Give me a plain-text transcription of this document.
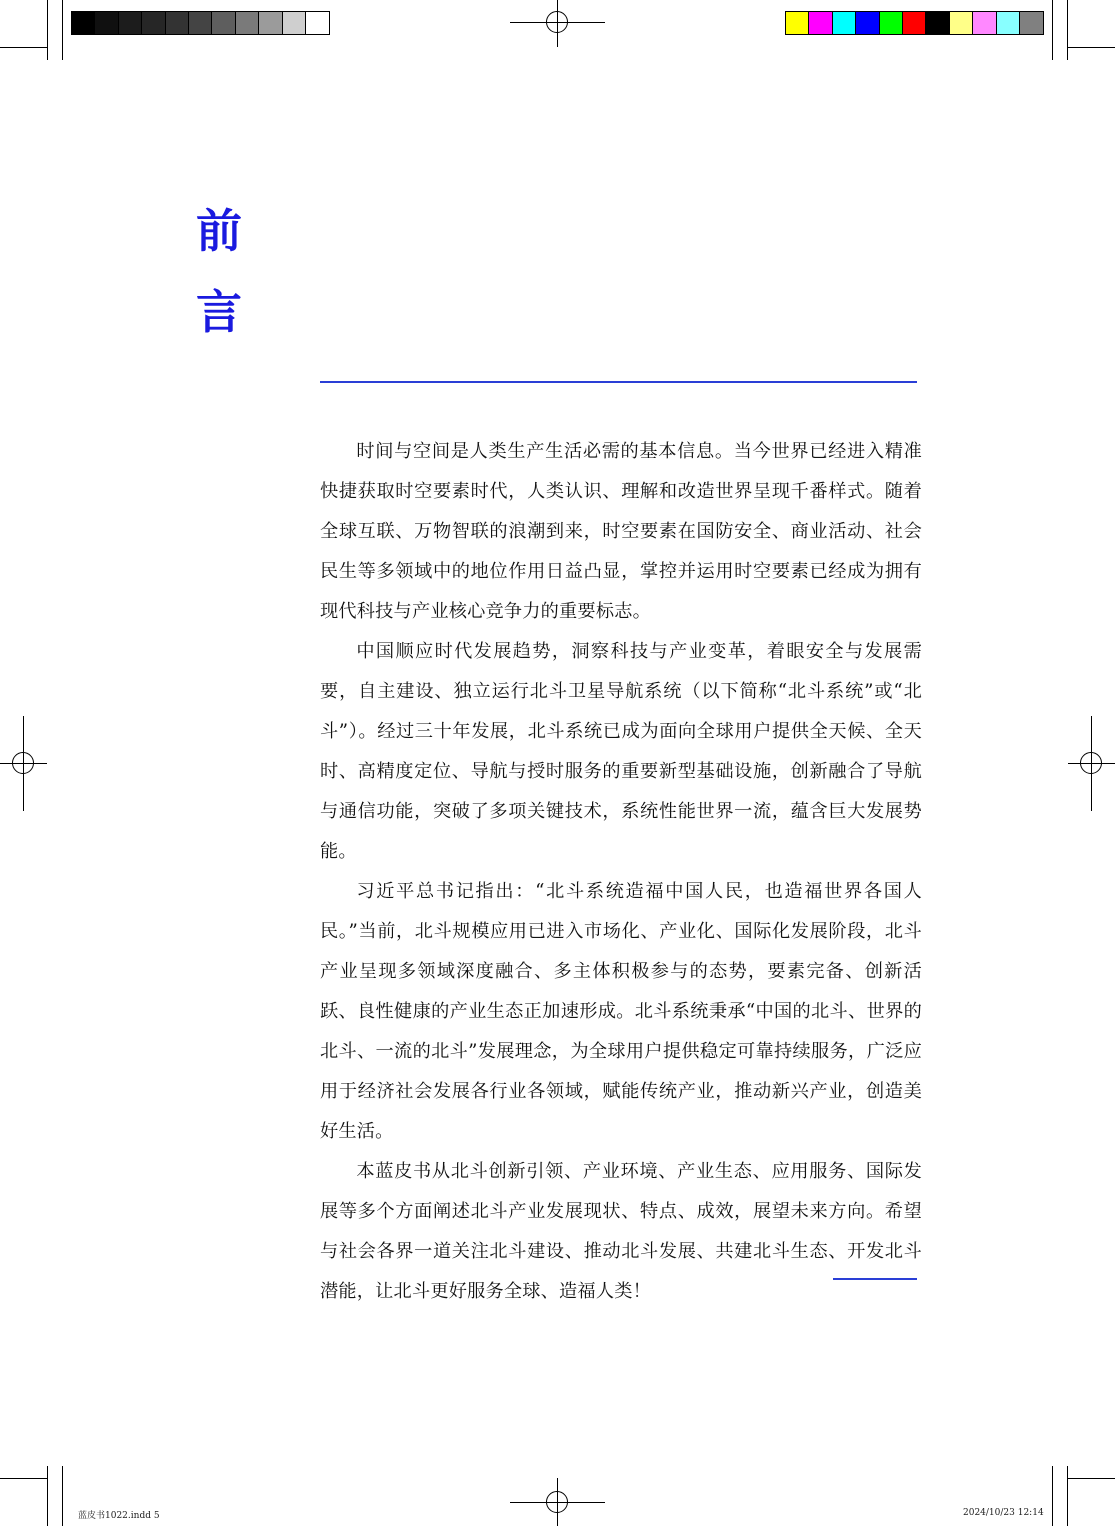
前
言

时间与空间是人类生产生活必需的基本信息。当今世界已经进入精准快捷获取时空要素时代，人类认识、理解和改造世界呈现千番样式。随着全球互联、万物智联的浪潮到来，时空要素在国防安全、商业活动、社会民生等多领域中的地位作用日益凸显，掌控并运用时空要素已经成为拥有现代科技与产业核心竞争力的重要标志。

中国顺应时代发展趋势，洞察科技与产业变革，着眼安全与发展需要，自主建设、独立运行北斗卫星导航系统（以下简称“北斗系统”或“北斗”）。经过三十年发展，北斗系统已成为面向全球用户提供全天候、全天时、高精度定位、导航与授时服务的重要新型基础设施，创新融合了导航与通信功能，突破了多项关键技术，系统性能世界一流，蕴含巨大发展势能。

习近平总书记指出：“北斗系统造福中国人民，也造福世界各国人民。”当前，北斗规模应用已进入市场化、产业化、国际化发展阶段，北斗产业呈现多领域深度融合、多主体积极参与的态势，要素完备、创新活跃、良性健康的产业生态正加速形成。北斗系统秉承“中国的北斗、世界的北斗、一流的北斗”发展理念，为全球用户提供稳定可靠持续服务，广泛应用于经济社会发展各行业各领域，赋能传统产业，推动新兴产业，创造美好生活。

本蓝皮书从北斗创新引领、产业环境、产业生态、应用服务、国际发展等多个方面阐述北斗产业发展现状、特点、成效，展望未来方向。希望与社会各界一道关注北斗建设、推动北斗发展、共建北斗生态、开发北斗潜能，让北斗更好服务全球、造福人类！

蓝皮书1022.indd 5	2024/10/23 12:14
